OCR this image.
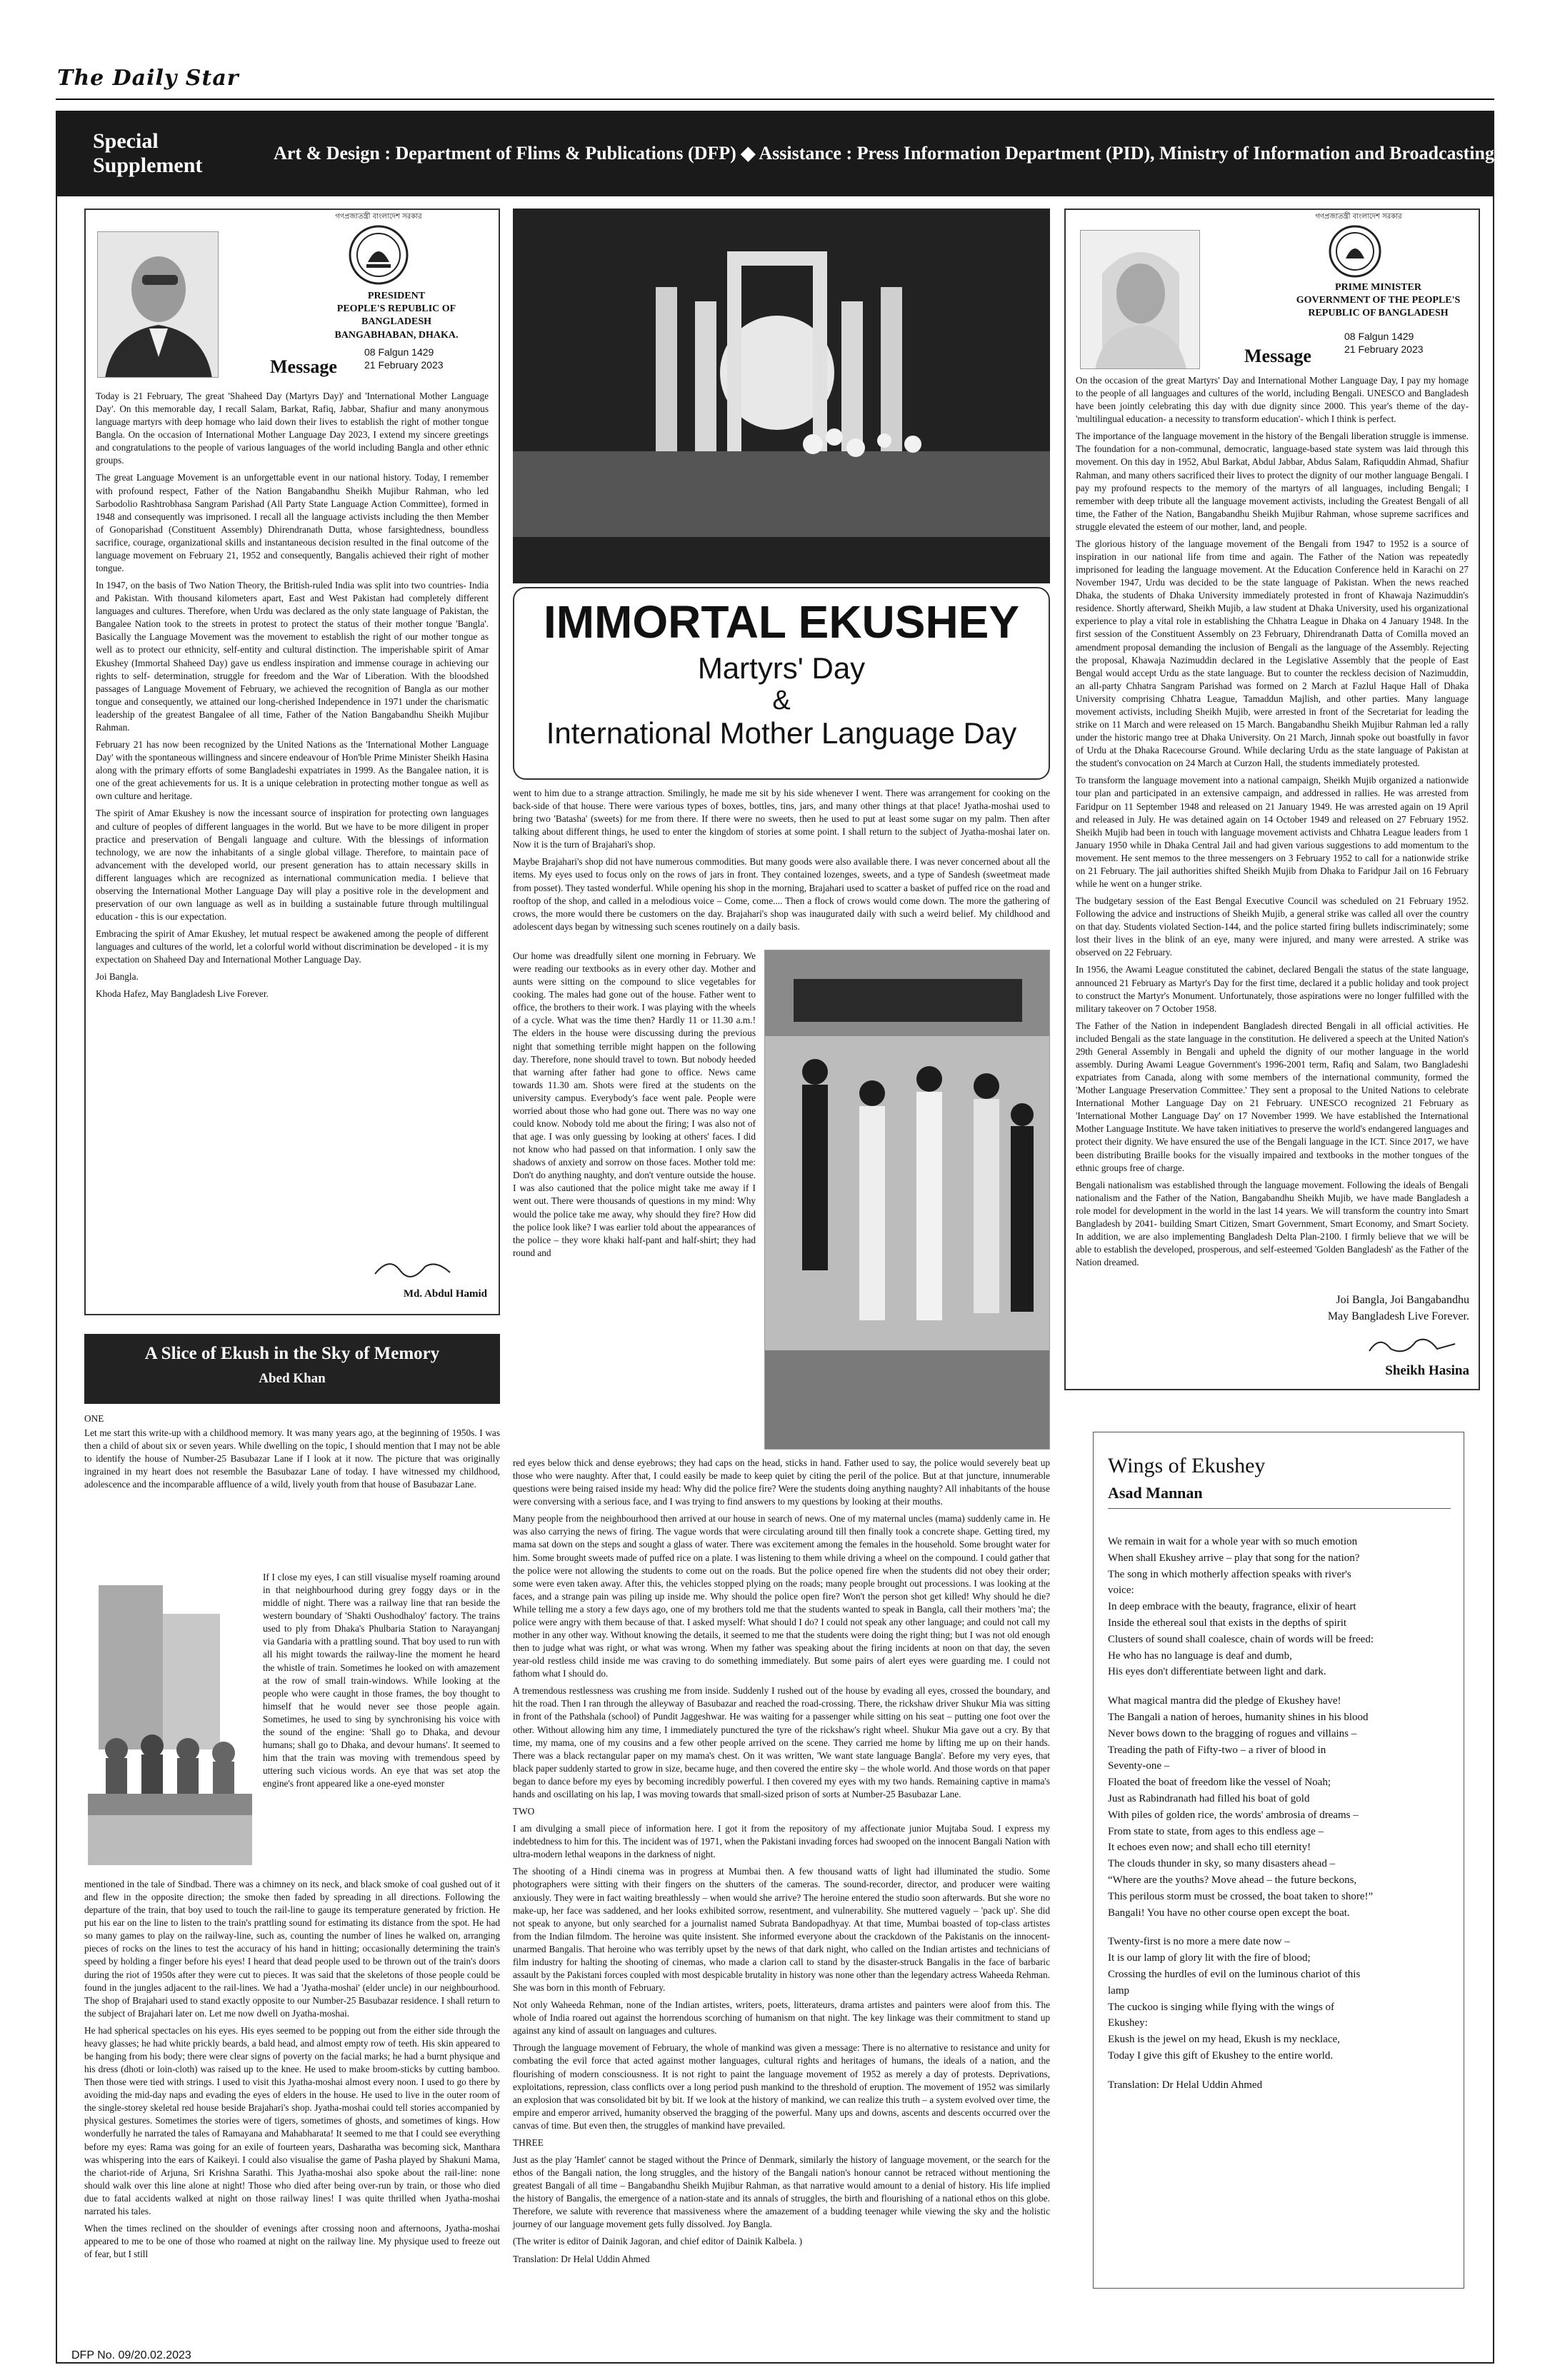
The Daily Star
Special Supplement
Art & Design : Department of Flims & Publications (DFP) ◆ Assistance : Press Information Department (PID), Ministry of Information and Broadcasting
গণপ্রজাতন্ত্রী বাংলাদেশ সরকার
PRESIDENT
PEOPLE'S REPUBLIC OF
BANGLADESH
BANGABHABAN, DHAKA.
Message
08 Falgun 1429
21 February 2023

Today is 21 February, The great 'Shaheed Day (Martyrs Day)' and 'International Mother Language Day'. On this memorable day, I recall Salam, Barkat, Rafiq, Jabbar, Shafiur and many anonymous language martyrs with deep homage who laid down their lives to establish the right of mother tongue Bangla. On the occasion of International Mother Language Day 2023, I extend my sincere greetings and congratulations to the people of various languages of the world including Bangla and other ethnic groups.

The great Language Movement is an unforgettable event in our national history. Today, I remember with profound respect, Father of the Nation Bangabandhu Sheikh Mujibur Rahman, who led Sarbodolio Rashtrobhasa Sangram Parishad (All Party State Language Action Committee), formed in 1948 and consequently was imprisoned. I recall all the language activists including the then Member of Gonoparishad (Constituent Assembly) Dhirendranath Dutta, whose farsightedness, boundless sacrifice, courage, organizational skills and instantaneous decision resulted in the final outcome of the language movement on February 21, 1952 and consequently, Bangalis achieved their right of mother tongue.

In 1947, on the basis of Two Nation Theory, the British-ruled India was split into two countries- India and Pakistan. With thousand kilometers apart, East and West Pakistan had completely different languages and cultures. Therefore, when Urdu was declared as the only state language of Pakistan, the Bangalee Nation took to the streets in protest to protect the status of their mother tongue 'Bangla'. Basically the Language Movement was the movement to establish the right of our mother tongue as well as to protect our ethnicity, self-entity and cultural distinction. The imperishable spirit of Amar Ekushey (Immortal Shaheed Day) gave us endless inspiration and immense courage in achieving our rights to self- determination, struggle for freedom and the War of Liberation. With the bloodshed passages of Language Movement of February, we achieved the recognition of Bangla as our mother tongue and consequently, we attained our long-cherished Independence in 1971 under the charismatic leadership of the greatest Bangalee of all time, Father of the Nation Bangabandhu Sheikh Mujibur Rahman.

February 21 has now been recognized by the United Nations as the 'International Mother Language Day' with the spontaneous willingness and sincere endeavour of Hon'ble Prime Minister Sheikh Hasina along with the primary efforts of some Bangladeshi expatriates in 1999. As the Bangalee nation, it is one of the great achievements for us. It is a unique celebration in protecting mother tongue as well as own culture and heritage.

The spirit of Amar Ekushey is now the incessant source of inspiration for protecting own languages and culture of peoples of different languages in the world. But we have to be more diligent in proper practice and preservation of Bengali language and culture. With the blessings of information technology, we are now the inhabitants of a single global village. Therefore, to maintain pace of advancement with the developed world, our present generation has to attain necessary skills in different languages which are recognized as international communication media. I believe that observing the International Mother Language Day will play a positive role in the development and preservation of our own language as well as in building a sustainable future through multilingual education - this is our expectation.

Embracing the spirit of Amar Ekushey, let mutual respect be awakened among the people of different languages and cultures of the world, let a colorful world without discrimination be developed - it is my expectation on Shaheed Day and International Mother Language Day.

Joi Bangla.

Khoda Hafez, May Bangladesh Live Forever.

Md. Abdul Hamid
A Slice of Ekush in the Sky of Memory
Abed Khan
ONE

Let me start this write-up with a childhood memory. It was many years ago, at the beginning of 1950s. I was then a child of about six or seven years. While dwelling on the topic, I should mention that I may not be able to identify the house of Number-25 Basubazar Lane if I look at it now. The picture that was originally ingrained in my heart does not resemble the Basubazar Lane of today. I have witnessed my childhood, adolescence and the incomparable affluence of a wild, lively youth from that house of Basubazar Lane.

If I close my eyes, I can still visualise myself roaming around in that neighbourhood during grey foggy days or in the middle of night. There was a railway line that ran beside the western boundary of 'Shakti Oushodhaloy' factory. The trains used to ply from Dhaka's Phulbaria Station to Narayanganj via Gandaria with a prattling sound. That boy used to run with all his might towards the railway-line the moment he heard the whistle of train. Sometimes he looked on with amazement at the row of small train-windows. While looking at the people who were caught in those frames, the boy thought to himself that he would never see those people again. Sometimes, he used to sing by synchronising his voice with the sound of the engine: 'Shall go to Dhaka, and devour humans; shall go to Dhaka, and devour humans'. It seemed to him that the train was moving with tremendous speed by uttering such vicious words. An eye that was set atop the engine's front appeared like a one-eyed monster

mentioned in the tale of Sindbad. There was a chimney on its neck, and black smoke of coal gushed out of it and flew in the opposite direction; the smoke then faded by spreading in all directions. Following the departure of the train, that boy used to touch the rail-line to gauge its temperature generated by friction. He put his ear on the line to listen to the train's prattling sound for estimating its distance from the spot. He had so many games to play on the railway-line, such as, counting the number of lines he walked on, arranging pieces of rocks on the lines to test the accuracy of his hand in hitting; occasionally determining the train's speed by holding a finger before his eyes! I heard that dead people used to be thrown out of the train's doors during the riot of 1950s after they were cut to pieces. It was said that the skeletons of those people could be found in the jungles adjacent to the rail-lines. We had a 'Jyatha-moshai' (elder uncle) in our neighbourhood. The shop of Brajahari used to stand exactly opposite to our Number-25 Basubazar residence. I shall return to the subject of Brajahari later on. Let me now dwell on Jyatha-moshai.

He had spherical spectacles on his eyes. His eyes seemed to be popping out from the either side through the heavy glasses; he had white prickly beards, a bald head, and almost empty row of teeth. His skin appeared to be hanging from his body; there were clear signs of poverty on the facial marks; he had a burnt physique and his dress (dhoti or loin-cloth) was raised up to the knee. He used to make broom-sticks by cutting bamboo. Then those were tied with strings. I used to visit this Jyatha-moshai almost every noon. I used to go there by avoiding the mid-day naps and evading the eyes of elders in the house. He used to live in the outer room of the single-storey skeletal red house beside Brajahari's shop. Jyatha-moshai could tell stories accompanied by physical gestures. Sometimes the stories were of tigers, sometimes of ghosts, and sometimes of kings. How wonderfully he narrated the tales of Ramayana and Mahabharata! It seemed to me that I could see everything before my eyes: Rama was going for an exile of fourteen years, Dasharatha was becoming sick, Manthara was whispering into the ears of Kaikeyi. I could also visualise the game of Pasha played by Shakuni Mama, the chariot-ride of Arjuna, Sri Krishna Sarathi. This Jyatha-moshai also spoke about the rail-line: none should walk over this line alone at night! Those who died after being over-run by train, or those who died due to fatal accidents walked at night on those railway lines! I was quite thrilled when Jyatha-moshai narrated his tales.

When the times reclined on the shoulder of evenings after crossing noon and afternoons, Jyatha-moshai appeared to me to be one of those who roamed at night on the railway line. My physique used to freeze out of fear, but I still

IMMORTAL EKUSHEY
Martyrs' Day
&
International Mother Language Day

went to him due to a strange attraction. Smilingly, he made me sit by his side whenever I went. There was arrangement for cooking on the back-side of that house. There were various types of boxes, bottles, tins, jars, and many other things at that place! Jyatha-moshai used to bring two 'Batasha' (sweets) for me from there. If there were no sweets, then he used to put at least some sugar on my palm. Then after talking about different things, he used to enter the kingdom of stories at some point. I shall return to the subject of Jyatha-moshai later on. Now it is the turn of Brajahari's shop.

Maybe Brajahari's shop did not have numerous commodities. But many goods were also available there. I was never concerned about all the items. My eyes used to focus only on the rows of jars in front. They contained lozenges, sweets, and a type of Sandesh (sweetmeat made from posset). They tasted wonderful. While opening his shop in the morning, Brajahari used to scatter a basket of puffed rice on the road and rooftop of the shop, and called in a melodious voice – Come, come.... Then a flock of crows would come down. The more the gathering of crows, the more would there be customers on the day. Brajahari's shop was inaugurated daily with such a weird belief. My childhood and adolescent days began by witnessing such scenes routinely on a daily basis.

Our home was dreadfully silent one morning in February. We were reading our textbooks as in every other day. Mother and aunts were sitting on the compound to slice vegetables for cooking. The males had gone out of the house. Father went to office, the brothers to their work. I was playing with the wheels of a cycle. What was the time then? Hardly 11 or 11.30 a.m.! The elders in the house were discussing during the previous night that something terrible might happen on the following day. Therefore, none should travel to town. But nobody heeded that warning after father had gone to office. News came towards 11.30 am. Shots were fired at the students on the university campus. Everybody's face went pale. People were worried about those who had gone out. There was no way one could know. Nobody told me about the firing; I was also not of that age. I was only guessing by looking at others' faces. I did not know who had passed on that information. I only saw the shadows of anxiety and sorrow on those faces. Mother told me: Don't do anything naughty, and don't venture outside the house. I was also cautioned that the police might take me away if I went out. There were thousands of questions in my mind: Why would the police take me away, why should they fire? How did the police look like? I was earlier told about the appearances of the police – they wore khaki half-pant and half-shirt; they had round and

red eyes below thick and dense eyebrows; they had caps on the head, sticks in hand. Father used to say, the police would severely beat up those who were naughty. After that, I could easily be made to keep quiet by citing the peril of the police. But at that juncture, innumerable questions were being raised inside my head: Why did the police fire? Were the students doing anything naughty? All inhabitants of the house were conversing with a serious face, and I was trying to find answers to my questions by looking at their mouths.

Many people from the neighbourhood then arrived at our house in search of news. One of my maternal uncles (mama) suddenly came in. He was also carrying the news of firing. The vague words that were circulating around till then finally took a concrete shape. Getting tired, my mama sat down on the steps and sought a glass of water. There was excitement among the females in the household. Some brought water for him. Some brought sweets made of puffed rice on a plate. I was listening to them while driving a wheel on the compound. I could gather that the police were not allowing the students to come out on the roads. But the police opened fire when the students did not obey their order; some were even taken away. After this, the vehicles stopped plying on the roads; many people brought out processions. I was looking at the faces, and a strange pain was piling up inside me. Why should the police open fire? Won't the person shot get killed! Why should he die? While telling me a story a few days ago, one of my brothers told me that the students wanted to speak in Bangla, call their mothers 'ma'; the police were angry with them because of that. I asked myself: What should I do? I could not speak any other language; and could not call my mother in any other way. Without knowing the details, it seemed to me that the students were doing the right thing; but I was not old enough then to judge what was right, or what was wrong. When my father was speaking about the firing incidents at noon on that day, the seven year-old restless child inside me was craving to do something immediately. But some pairs of alert eyes were guarding me. I could not fathom what I should do.

A tremendous restlessness was crushing me from inside. Suddenly I rushed out of the house by evading all eyes, crossed the boundary, and hit the road. Then I ran through the alleyway of Basubazar and reached the road-crossing. There, the rickshaw driver Shukur Mia was sitting in front of the Pathshala (school) of Pundit Jaggeshwar. He was waiting for a passenger while sitting on his seat – putting one foot over the other. Without allowing him any time, I immediately punctured the tyre of the rickshaw's right wheel. Shukur Mia gave out a cry. By that time, my mama, one of my cousins and a few other people arrived on the scene. They carried me home by lifting me up on their hands. There was a black rectangular paper on my mama's chest. On it was written, 'We want state language Bangla'. Before my very eyes, that black paper suddenly started to grow in size, became huge, and then covered the entire sky – the whole world. And those words on that paper began to dance before my eyes by becoming incredibly powerful. I then covered my eyes with my two hands. Remaining captive in mama's hands and oscillating on his lap, I was moving towards that small-sized prison of sorts at Number-25 Basubazar Lane.

TWO

I am divulging a small piece of information here. I got it from the repository of my affectionate junior Mujtaba Soud. I express my indebtedness to him for this. The incident was of 1971, when the Pakistani invading forces had swooped on the innocent Bangali Nation with ultra-modern lethal weapons in the darkness of night.

The shooting of a Hindi cinema was in progress at Mumbai then. A few thousand watts of light had illuminated the studio. Some photographers were sitting with their fingers on the shutters of the cameras. The sound-recorder, director, and producer were waiting anxiously. They were in fact waiting breathlessly – when would she arrive? The heroine entered the studio soon afterwards. But she wore no make-up, her face was saddened, and her looks exhibited sorrow, resentment, and vulnerability. She muttered vaguely – 'pack up'. She did not speak to anyone, but only searched for a journalist named Subrata Bandopadhyay. At that time, Mumbai boasted of top-class artistes from the Indian filmdom. The heroine was quite insistent. She informed everyone about the crackdown of the Pakistanis on the innocent-unarmed Bangalis. That heroine who was terribly upset by the news of that dark night, who called on the Indian artistes and technicians of film industry for halting the shooting of cinemas, who made a clarion call to stand by the disaster-struck Bangalis in the face of barbaric assault by the Pakistani forces coupled with most despicable brutality in history was none other than the legendary actress Waheeda Rehman. She was born in this month of February.

Not only Waheeda Rehman, none of the Indian artistes, writers, poets, litterateurs, drama artistes and painters were aloof from this. The whole of India roared out against the horrendous scorching of humanism on that night. The key linkage was their commitment to stand up against any kind of assault on languages and cultures.

Through the language movement of February, the whole of mankind was given a message: There is no alternative to resistance and unity for combating the evil force that acted against mother languages, cultural rights and heritages of humans, the ideals of a nation, and the flourishing of modern consciousness. It is not right to paint the language movement of 1952 as merely a day of protests. Deprivations, exploitations, repression, class conflicts over a long period push mankind to the threshold of eruption. The movement of 1952 was similarly an explosion that was consolidated bit by bit. If we look at the history of mankind, we can realize this truth – a system evolved over time, the empire and emperor arrived, humanity observed the bragging of the powerful. Many ups and downs, ascents and descents occurred over the canvas of time. But even then, the struggles of mankind have prevailed.

THREE

Just as the play 'Hamlet' cannot be staged without the Prince of Denmark, similarly the history of language movement, or the search for the ethos of the Bangali nation, the long struggles, and the history of the Bangali nation's honour cannot be retraced without mentioning the greatest Bangali of all time – Bangabandhu Sheikh Mujibur Rahman, as that narrative would amount to a denial of history. His life implied the history of Bangalis, the emergence of a nation-state and its annals of struggles, the birth and flourishing of a national ethos on this globe. Therefore, we salute with reverence that massiveness where the amazement of a budding teenager while viewing the sky and the holistic journey of our language movement gets fully dissolved. Joy Bangla.

(The writer is editor of Dainik Jagoran, and chief editor of Dainik Kalbela. )

Translation: Dr Helal Uddin Ahmed

গণপ্রজাতন্ত্রী বাংলাদেশ সরকার
PRIME MINISTER
GOVERNMENT OF THE PEOPLE'S
REPUBLIC OF BANGLADESH
08 Falgun 1429
21 February 2023
Message

On the occasion of the great Martyrs' Day and International Mother Language Day, I pay my homage to the people of all languages and cultures of the world, including Bengali. UNESCO and Bangladesh have been jointly celebrating this day with due dignity since 2000. This year's theme of the day- 'multilingual education- a necessity to transform education'- which I think is perfect.

The importance of the language movement in the history of the Bengali liberation struggle is immense. The foundation for a non-communal, democratic, language-based state system was laid through this movement. On this day in 1952, Abul Barkat, Abdul Jabbar, Abdus Salam, Rafiquddin Ahmad, Shafiur Rahman, and many others sacrificed their lives to protect the dignity of our mother language Bengali. I pay my profound respects to the memory of the martyrs of all languages, including Bengali; I remember with deep tribute all the language movement activists, including the Greatest Bengali of all time, the Father of the Nation, Bangabandhu Sheikh Mujibur Rahman, whose supreme sacrifices and struggle elevated the esteem of our mother, land, and people.

The glorious history of the language movement of the Bengali from 1947 to 1952 is a source of inspiration in our national life from time and again. The Father of the Nation was repeatedly imprisoned for leading the language movement. At the Education Conference held in Karachi on 27 November 1947, Urdu was decided to be the state language of Pakistan. When the news reached Dhaka, the students of Dhaka University immediately protested in front of Khawaja Nazimuddin's residence. Shortly afterward, Sheikh Mujib, a law student at Dhaka University, used his organizational experience to play a vital role in establishing the Chhatra League in Dhaka on 4 January 1948. In the first session of the Constituent Assembly on 23 February, Dhirendranath Datta of Comilla moved an amendment proposal demanding the inclusion of Bengali as the language of the Assembly. Rejecting the proposal, Khawaja Nazimuddin declared in the Legislative Assembly that the people of East Bengal would accept Urdu as the state language. But to counter the reckless decision of Nazimuddin, an all-party Chhatra Sangram Parishad was formed on 2 March at Fazlul Haque Hall of Dhaka University comprising Chhatra League, Tamaddun Majlish, and other parties. Many language movement activists, including Sheikh Mujib, were arrested in front of the Secretariat for leading the strike on 11 March and were released on 15 March. Bangabandhu Sheikh Mujibur Rahman led a rally under the historic mango tree at Dhaka University. On 21 March, Jinnah spoke out boastfully in favor of Urdu at the Dhaka Racecourse Ground. While declaring Urdu as the state language of Pakistan at the student's convocation on 24 March at Curzon Hall, the students immediately protested.

To transform the language movement into a national campaign, Sheikh Mujib organized a nationwide tour plan and participated in an extensive campaign, and addressed in rallies. He was arrested from Faridpur on 11 September 1948 and released on 21 January 1949. He was arrested again on 19 April and released in July. He was detained again on 14 October 1949 and released on 27 February 1952. Sheikh Mujib had been in touch with language movement activists and Chhatra League leaders from 1 January 1950 while in Dhaka Central Jail and had given various suggestions to add momentum to the movement. He sent memos to the three messengers on 3 February 1952 to call for a nationwide strike on 21 February. The jail authorities shifted Sheikh Mujib from Dhaka to Faridpur Jail on 16 February while he went on a hunger strike.

The budgetary session of the East Bengal Executive Council was scheduled on 21 February 1952. Following the advice and instructions of Sheikh Mujib, a general strike was called all over the country on that day. Students violated Section-144, and the police started firing bullets indiscriminately; some lost their lives in the blink of an eye, many were injured, and many were arrested. A strike was observed on 22 February.

In 1956, the Awami League constituted the cabinet, declared Bengali the status of the state language, announced 21 February as Martyr's Day for the first time, declared it a public holiday and took project to construct the Martyr's Monument. Unfortunately, those aspirations were no longer fulfilled with the military takeover on 7 October 1958.

The Father of the Nation in independent Bangladesh directed Bengali in all official activities. He included Bengali as the state language in the constitution. He delivered a speech at the United Nation's 29th General Assembly in Bengali and upheld the dignity of our mother language in the world assembly. During Awami League Government's 1996-2001 term, Rafiq and Salam, two Bangladeshi expatriates from Canada, along with some members of the international community, formed the 'Mother Language Preservation Committee.' They sent a proposal to the United Nations to celebrate International Mother Language Day on 21 February. UNESCO recognized 21 February as 'International Mother Language Day' on 17 November 1999. We have established the International Mother Language Institute. We have taken initiatives to preserve the world's endangered languages and protect their dignity. We have ensured the use of the Bengali language in the ICT. Since 2017, we have been distributing Braille books for the visually impaired and textbooks in the mother tongues of the ethnic groups free of charge.

Bengali nationalism was established through the language movement. Following the ideals of Bengali nationalism and the Father of the Nation, Bangabandhu Sheikh Mujib, we have made Bangladesh a role model for development in the world in the last 14 years. We will transform the country into Smart Bangladesh by 2041- building Smart Citizen, Smart Government, Smart Economy, and Smart Society. In addition, we are also implementing Bangladesh Delta Plan-2100. I firmly believe that we will be able to establish the developed, prosperous, and self-esteemed 'Golden Bangladesh' as the Father of the Nation dreamed.

Joi Bangla, Joi Bangabandhu
May Bangladesh Live Forever.
Sheikh Hasina
Wings of Ekushey
Asad Mannan

We remain in wait for a whole year with so much emotion

When shall Ekushey arrive – play that song for the nation?

The song in which motherly affection speaks with river's

voice:

In deep embrace with the beauty, fragrance, elixir of heart

Inside the ethereal soul that exists in the depths of spirit

Clusters of sound shall coalesce, chain of words will be freed:

He who has no language is deaf and dumb,

His eyes don't differentiate between light and dark.

What magical mantra did the pledge of Ekushey have!

The Bangali a nation of heroes, humanity shines in his blood

Never bows down to the bragging of rogues and villains –

Treading the path of Fifty-two – a river of blood in

Seventy-one –

Floated the boat of freedom like the vessel of Noah;

Just as Rabindranath had filled his boat of gold

With piles of golden rice, the words' ambrosia of dreams –

From state to state, from ages to this endless age –

It echoes even now; and shall echo till eternity!

The clouds thunder in sky, so many disasters ahead –

“Where are the youths? Move ahead – the future beckons,

This perilous storm must be crossed, the boat taken to shore!”

Bangali! You have no other course open except the boat.

Twenty-first is no more a mere date now –

It is our lamp of glory lit with the fire of blood;

Crossing the hurdles of evil on the luminous chariot of this

lamp

The cuckoo is singing while flying with the wings of

Ekushey:

Ekush is the jewel on my head, Ekush is my necklace,

Today I give this gift of Ekushey to the entire world.

Translation: Dr Helal Uddin Ahmed

DFP No. 09/20.02.2023
